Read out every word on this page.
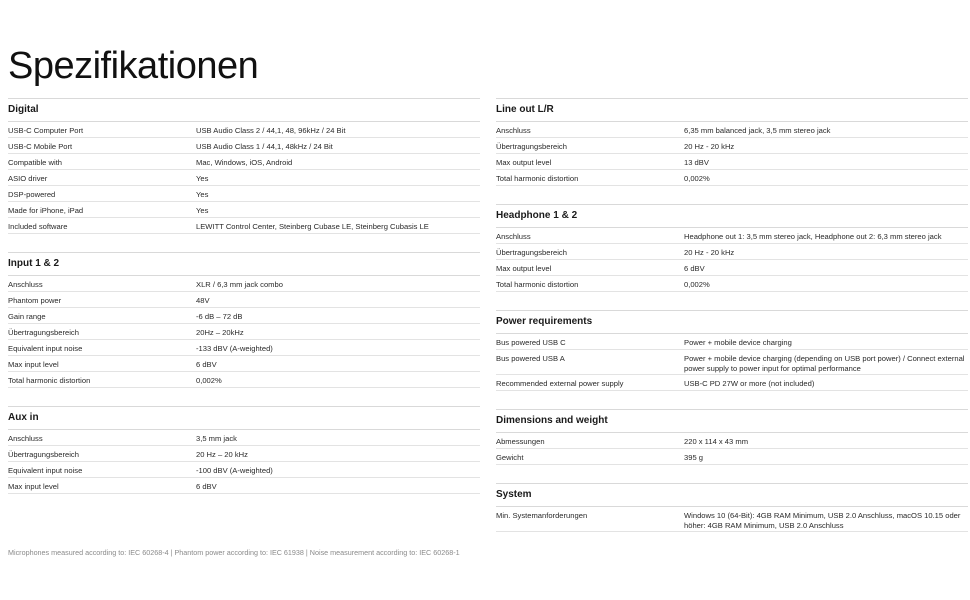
Spezifikationen
Digital
USB-C Computer Port	USB Audio Class 2 / 44,1, 48, 96kHz / 24 Bit
USB-C Mobile Port	USB Audio Class 1 / 44,1, 48kHz / 24 Bit
Compatible with	Mac, Windows, iOS, Android
ASIO driver	Yes
DSP-powered	Yes
Made for iPhone, iPad	Yes
Included software	LEWITT Control Center, Steinberg Cubase LE, Steinberg Cubasis LE
Input 1 & 2
Anschluss	XLR / 6,3 mm jack combo
Phantom power	48V
Gain range	-6 dB – 72 dB
Übertragungsbereich	20Hz – 20kHz
Equivalent input noise	-133 dBV (A-weighted)
Max input level	6 dBV
Total harmonic distortion	0,002%
Aux in
Anschluss	3,5 mm jack
Übertragungsbereich	20 Hz – 20 kHz
Equivalent input noise	-100 dBV (A-weighted)
Max input level	6 dBV
Line out L/R
Anschluss	6,35 mm balanced jack, 3,5 mm stereo jack
Übertragungsbereich	20 Hz - 20 kHz
Max output level	13 dBV
Total harmonic distortion	0,002%
Headphone 1 & 2
Anschluss	Headphone out 1: 3,5 mm stereo jack, Headphone out 2: 6,3 mm stereo jack
Übertragungsbereich	20 Hz - 20 kHz
Max output level	6 dBV
Total harmonic distortion	0,002%
Power requirements
Bus powered USB C	Power + mobile device charging
Bus powered USB A	Power + mobile device charging (depending on USB port power) / Connect external power supply to power input for optimal performance
Recommended external power supply	USB-C PD 27W or more (not included)
Dimensions and weight
Abmessungen	220 x 114 x 43 mm
Gewicht	395 g
System
Min. Systemanforderungen	Windows 10 (64-Bit): 4GB RAM Minimum, USB 2.0 Anschluss, macOS 10.15 oder höher: 4GB RAM Minimum, USB 2.0 Anschluss
Microphones measured according to: IEC 60268-4 | Phantom power according to: IEC 61938 | Noise measurement according to: IEC 60268-1
